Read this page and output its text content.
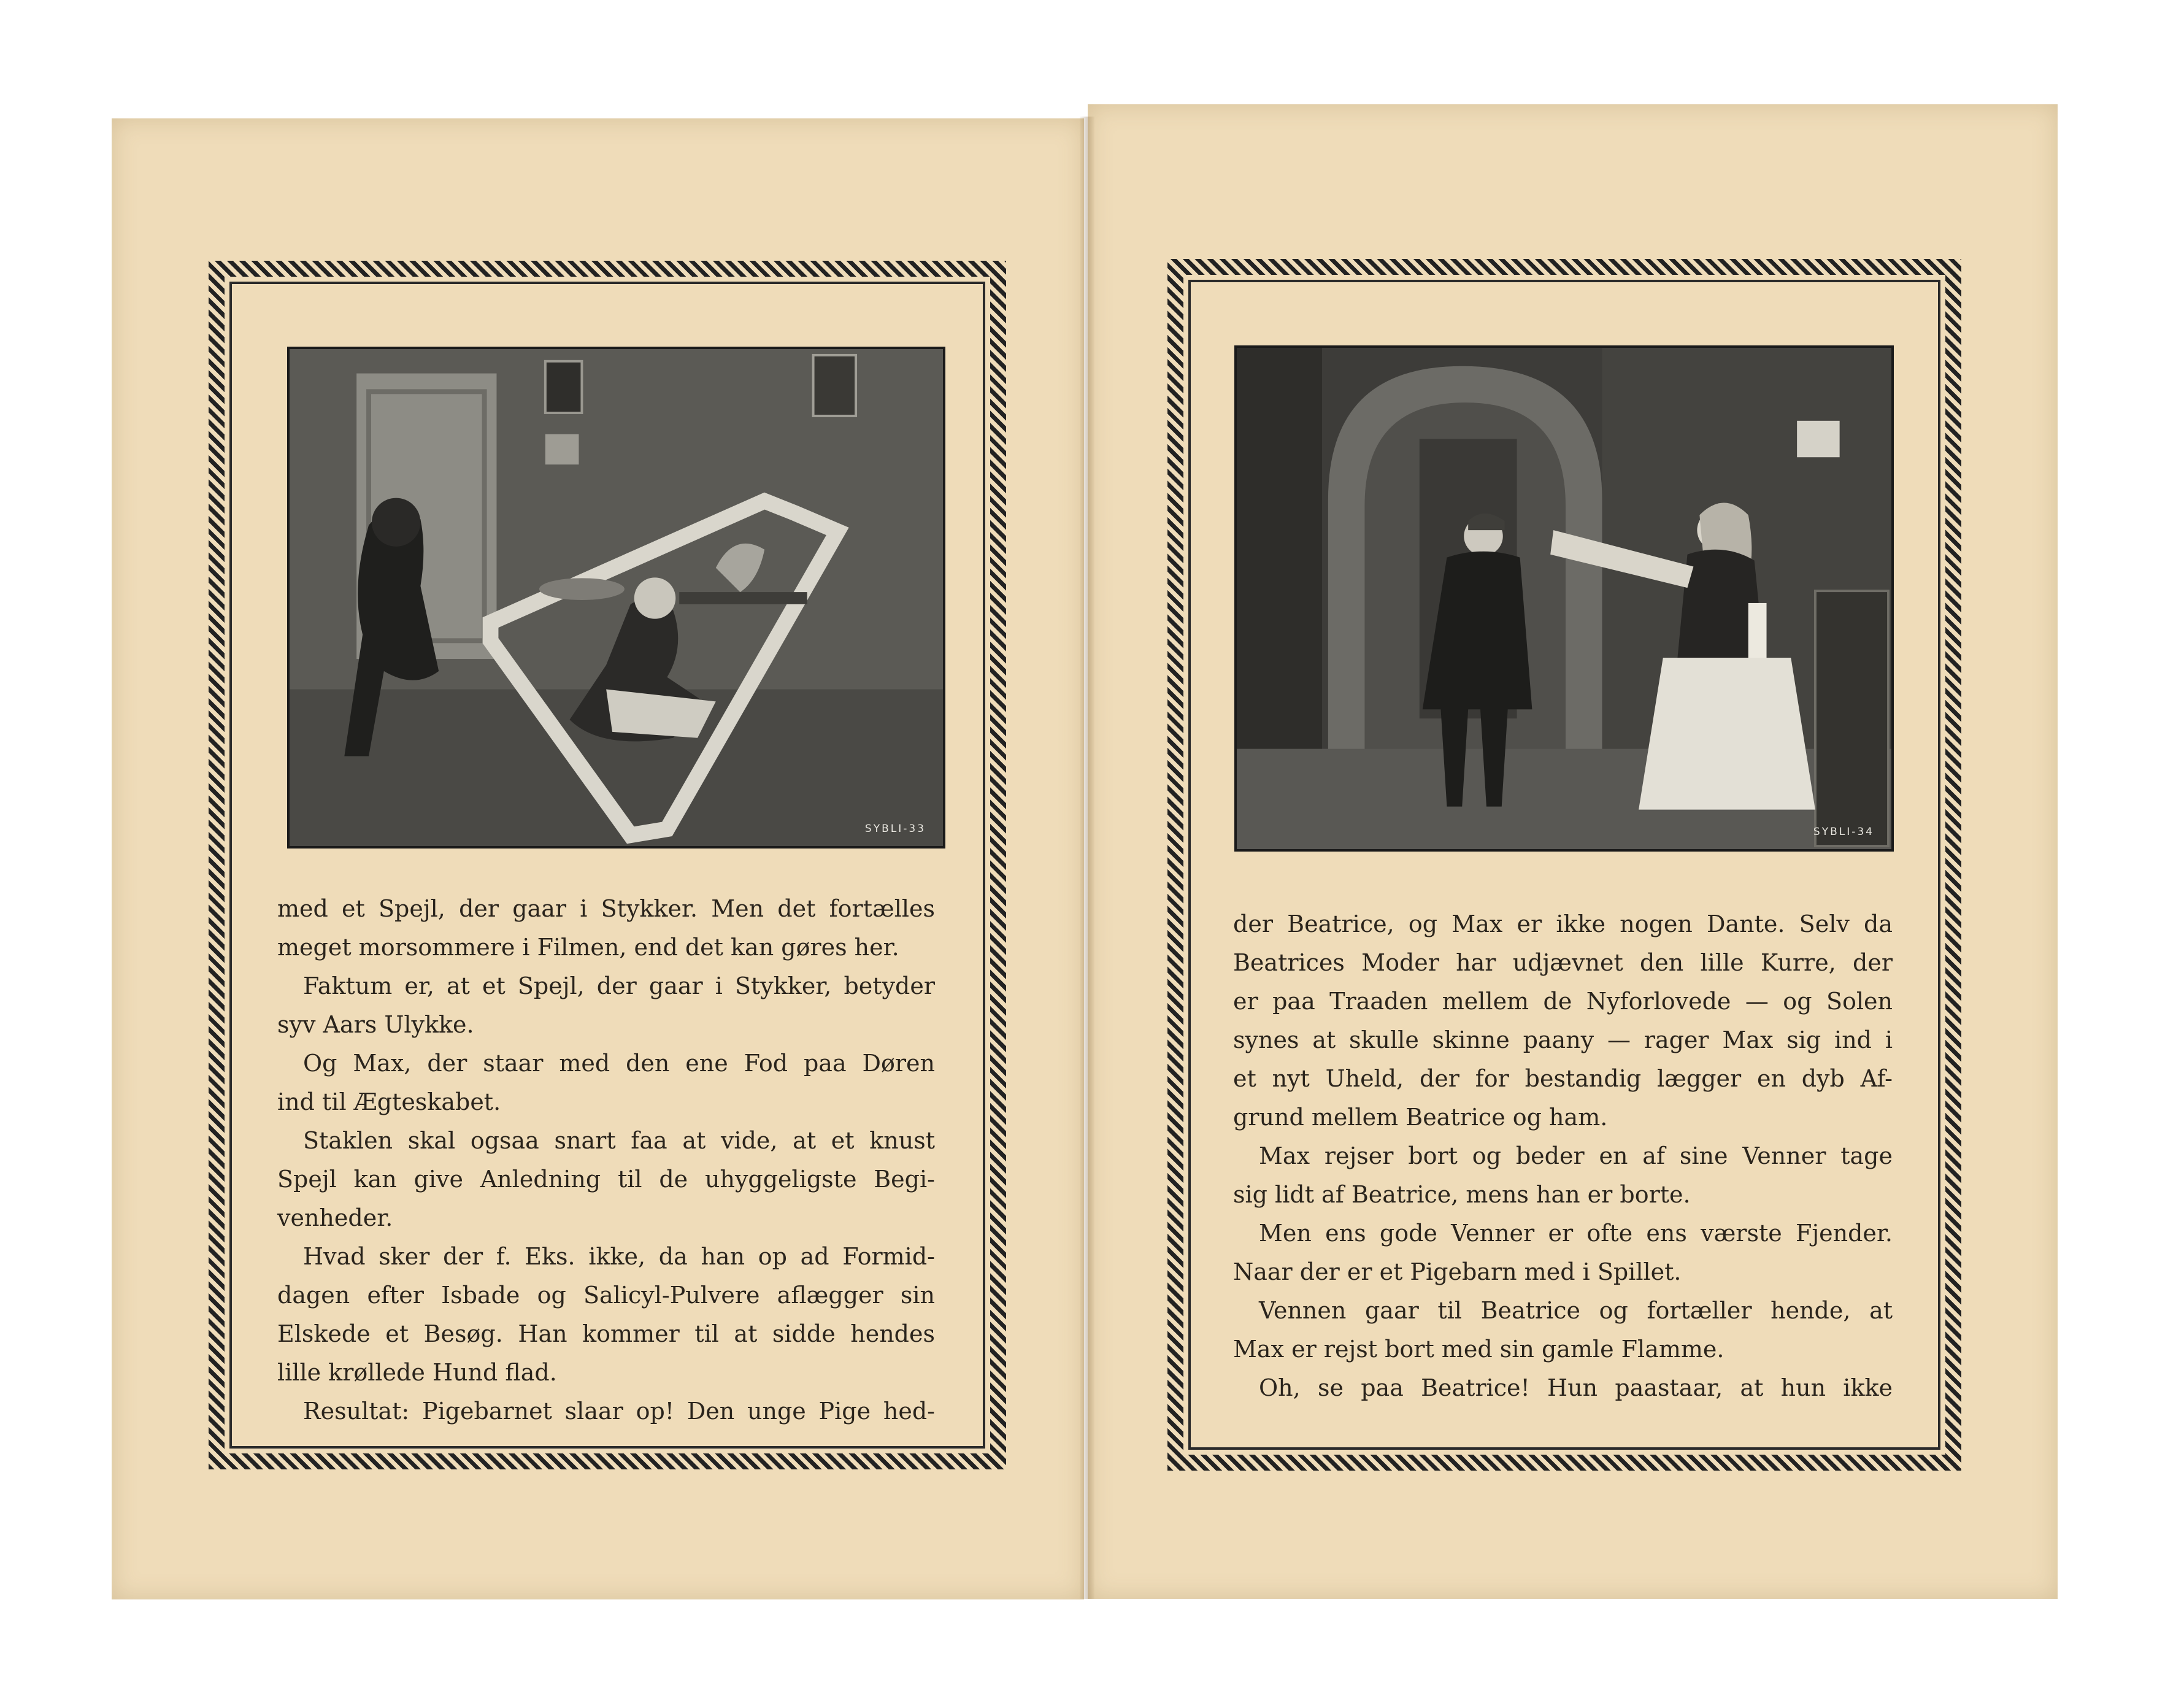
SYBLI-33	SYBLI-34

med et Spejl, der gaar i Stykker. Men det fortælles

meget morsommere i Filmen, end det kan gøres her.

Faktum er, at et Spejl, der gaar i Stykker, betyder

syv Aars Ulykke.

Og Max, der staar med den ene Fod paa Døren

ind til Ægteskabet.

Staklen skal ogsaa snart faa at vide, at et knust

Spejl kan give Anledning til de uhyggeligste Begi-

venheder.

Hvad sker der f. Eks. ikke, da han op ad Formid-

dagen efter Isbade og Salicyl-Pulvere aflægger sin

Elskede et Besøg. Han kommer til at sidde hendes

lille krøllede Hund flad.

Resultat: Pigebarnet slaar op! Den unge Pige hed-

der Beatrice, og Max er ikke nogen Dante. Selv da

Beatrices Moder har udjævnet den lille Kurre, der

er paa Traaden mellem de Nyforlovede — og Solen

synes at skulle skinne paany — rager Max sig ind i

et nyt Uheld, der for bestandig lægger en dyb Af-

grund mellem Beatrice og ham.

Max rejser bort og beder en af sine Venner tage

sig lidt af Beatrice, mens han er borte.

Men ens gode Venner er ofte ens værste Fjender.

Naar der er et Pigebarn med i Spillet.

Vennen gaar til Beatrice og fortæller hende, at

Max er rejst bort med sin gamle Flamme.

Oh, se paa Beatrice! Hun paastaar, at hun ikke
